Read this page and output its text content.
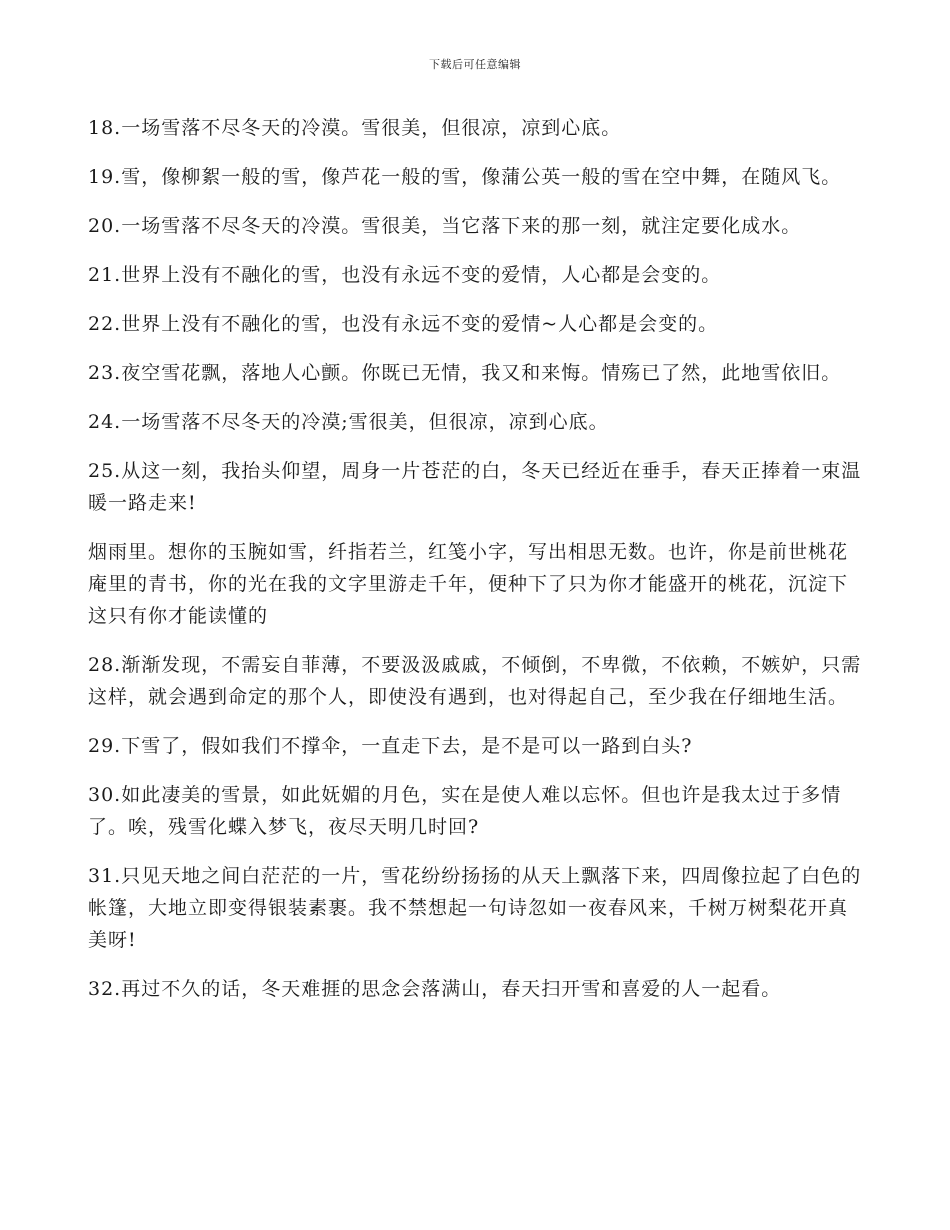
下载后可任意编辑

18.一场雪落不尽冬天的冷漠。雪很美，但很凉，凉到心底。

19.雪，像柳絮一般的雪，像芦花一般的雪，像蒲公英一般的雪在空中舞，在随风飞。

20.一场雪落不尽冬天的冷漠。雪很美，当它落下来的那一刻，就注定要化成水。

21.世界上没有不融化的雪，也没有永远不变的爱情，人心都是会变的。

22.世界上没有不融化的雪，也没有永远不变的爱情~人心都是会变的。

23.夜空雪花飘，落地人心颤。你既已无情，我又和来悔。情殇已了然，此地雪依旧。

24.一场雪落不尽冬天的冷漠;雪很美，但很凉，凉到心底。

25.从这一刻，我抬头仰望，周身一片苍茫的白，冬天已经近在垂手，春天正捧着一束温暖一路走来!

烟雨里。想你的玉腕如雪，纤指若兰，红笺小字，写出相思无数。也许，你是前世桃花庵里的青书，你的光在我的文字里游走千年，便种下了只为你才能盛开的桃花，沉淀下这只有你才能读懂的

28.渐渐发现，不需妄自菲薄，不要汲汲戚戚，不倾倒，不卑微，不依赖，不嫉妒，只需这样，就会遇到命定的那个人，即使没有遇到，也对得起自己，至少我在仔细地生活。

29.下雪了，假如我们不撑伞，一直走下去，是不是可以一路到白头?

30.如此凄美的雪景，如此妩媚的月色，实在是使人难以忘怀。但也许是我太过于多情了。唉，残雪化蝶入梦飞，夜尽天明几时回?

31.只见天地之间白茫茫的一片，雪花纷纷扬扬的从天上飘落下来，四周像拉起了白色的帐篷，大地立即变得银装素裹。我不禁想起一句诗忽如一夜春风来，千树万树梨花开真美呀!

32.再过不久的话，冬天难捱的思念会落满山，春天扫开雪和喜爱的人一起看。
